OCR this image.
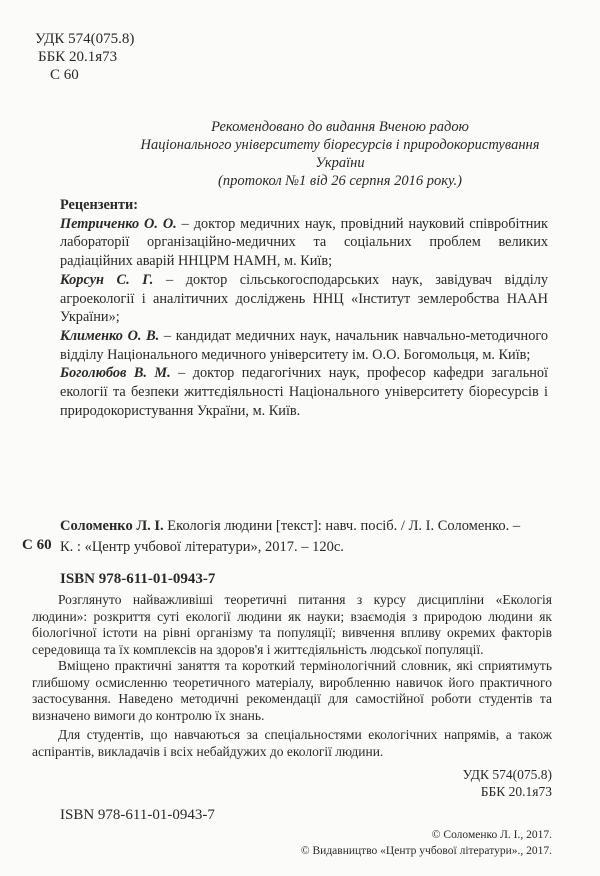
УДК 574(075.8)
ББК 20.1я73
С 60
Рекомендовано до видання Вченою радою
Національного університету біоресурсів і природокористування України
(протокол №1 від 26 серпня 2016 року.)
Рецензенти:
Петриченко О. О. – доктор медичних наук, провідний науковий співробітник лабораторії організаційно-медичних та соціальних проблем великих радіаційних аварій ННЦРМ НАМН, м. Київ;
Корсун С. Г. – доктор сільськогосподарських наук, завідувач відділу агроекології і аналітичних досліджень ННЦ «Інститут землеробства НААН України»;
Клименко О. В. – кандидат медичних наук, начальник навчально-методичного відділу Національного медичного університету ім. О.О. Богомольця, м. Київ;
Боголюбов В. М. – доктор педагогічних наук, професор кафедри загальної екології та безпеки життєдіяльності Національного університету біоресурсів і природокористування України, м. Київ.
Соломенко Л. І. Екологія людини [текст]: навч. посіб. / Л. І. Соломенко. –
К. : «Центр учбової літератури», 2017. – 120с.
С 60
ISBN 978-611-01-0943-7

Розглянуто найважливіші теоретичні питання з курсу дисципліни «Екологія людини»: розкриття суті екології людини як науки; взаємодія з природою людини як біологічної істоти на рівні організму та популяції; вивчення впливу окремих факторів середовища та їх комплексів на здоров'я і життєдіяльність людської популяції.

Вміщено практичні заняття та короткий термінологічний словник, які сприятимуть глибшому осмисленню теоретичного матеріалу, виробленню навичок його практичного застосування. Наведено методичні рекомендації для самостійної роботи студентів та визначено вимоги до контролю їх знань.

Для студентів, що навчаються за спеціальностями екологічних напрямів, а також аспірантів, викладачів і всіх небайдужих до екології людини.

УДК 574(075.8)
ББК 20.1я73
ISBN 978-611-01-0943-7
© Соломенко Л. І., 2017.
© Видавництво «Центр учбової літератури»., 2017.
